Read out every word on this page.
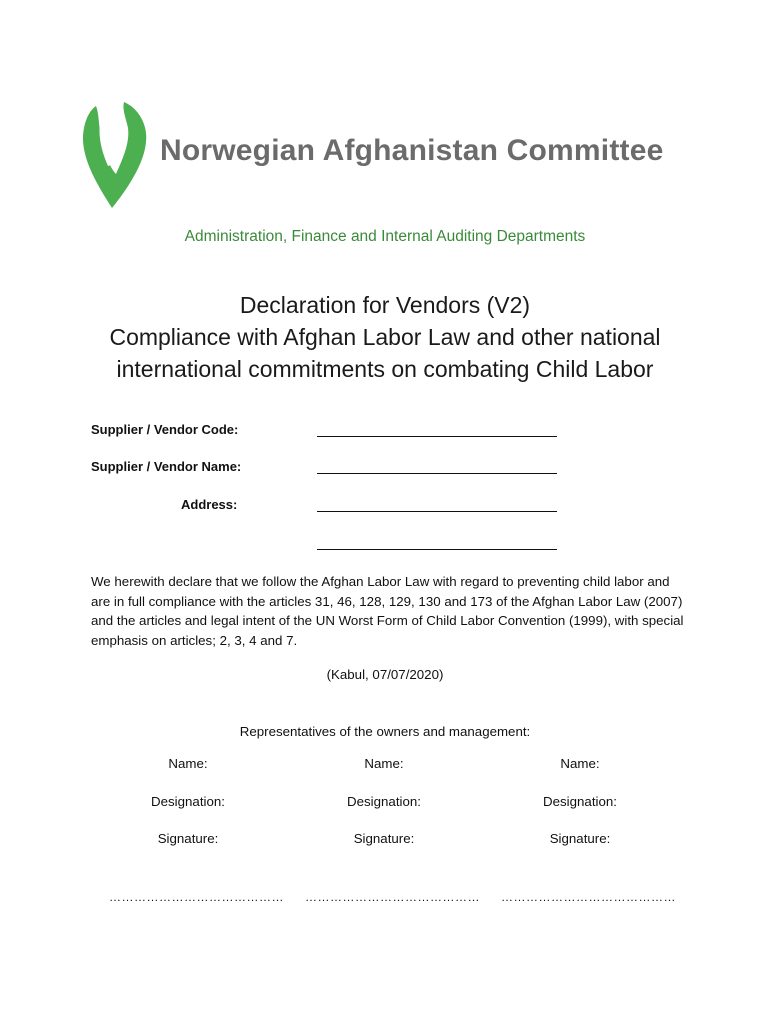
Norwegian Afghanistan Committee
Administration, Finance and Internal Auditing Departments
Declaration for Vendors (V2)
Compliance with Afghan Labor Law and other national
international commitments on combating Child Labor
Supplier / Vendor Code:
Supplier / Vendor Name:
Address:
We herewith declare that we follow the Afghan Labor Law with regard to preventing child labor and are in full compliance with the articles 31, 46, 128, 129, 130 and 173 of the Afghan Labor Law (2007) and the articles and legal intent of the UN Worst Form of Child Labor Convention (1999), with special emphasis on articles; 2, 3, 4 and 7.
(Kabul, 07/07/2020)
Representatives of the owners and management:
Name:	Name:	Name:
Designation:	Designation:	Designation:
Signature:	Signature:	Signature:
…………………………………… …………………………………… ……………………………………
